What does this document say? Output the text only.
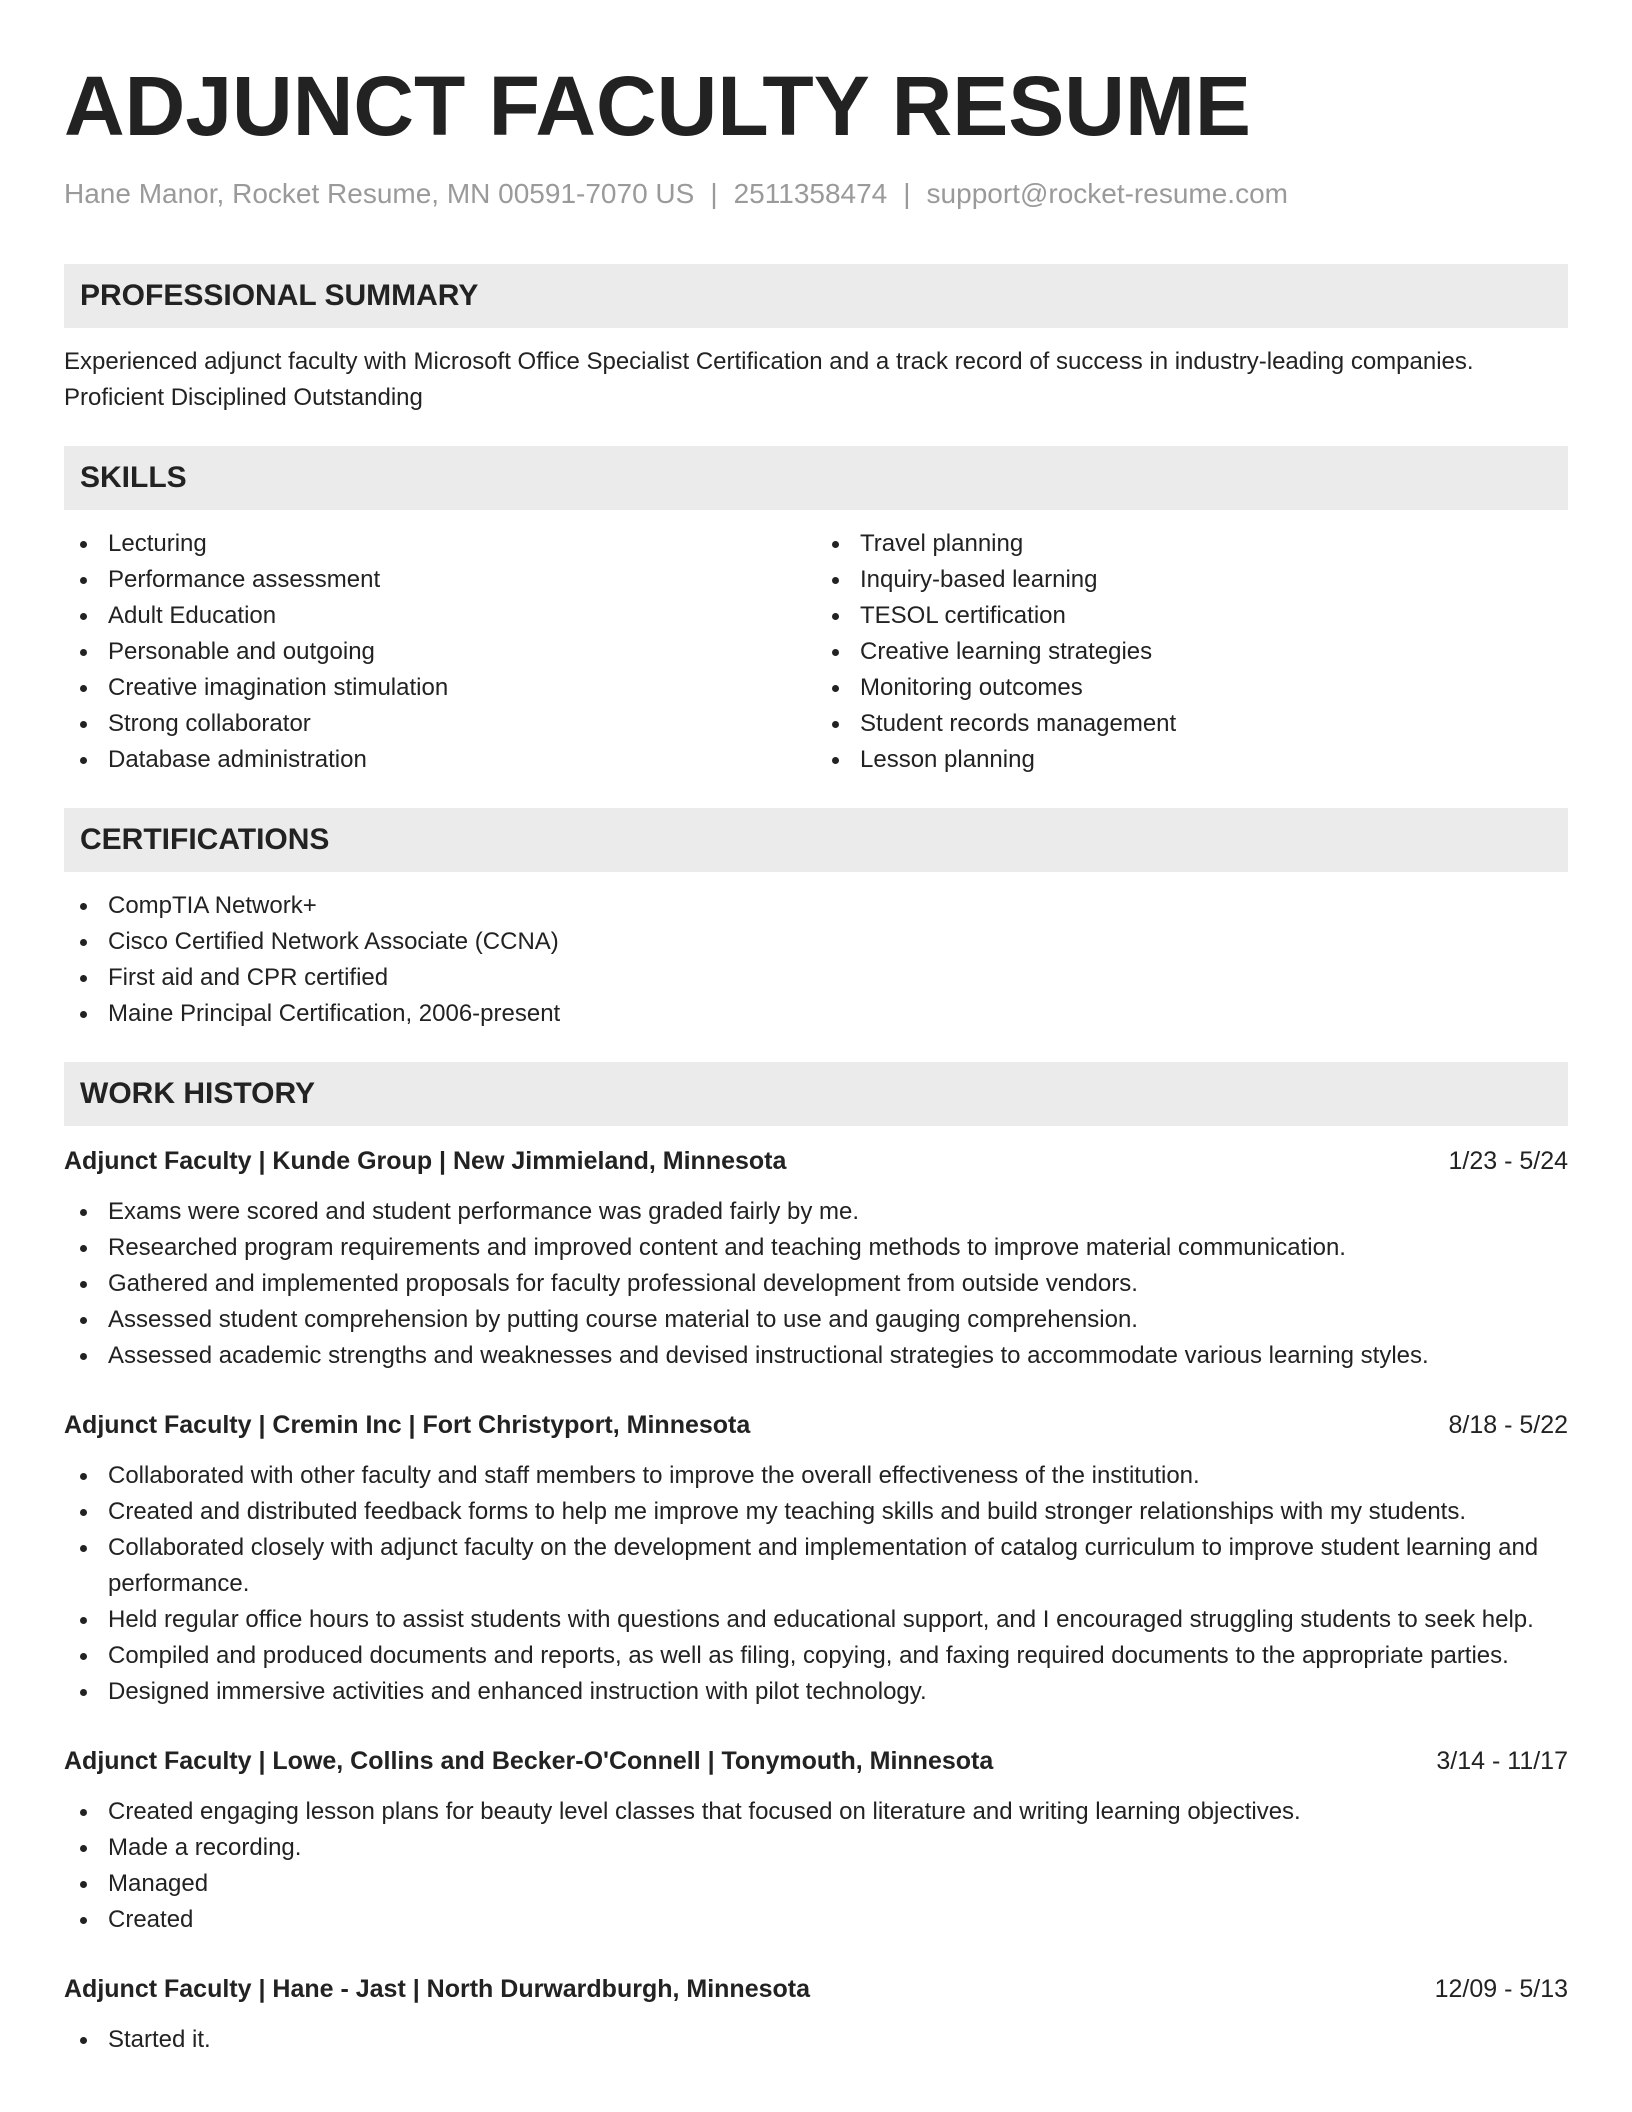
ADJUNCT FACULTY RESUME
Hane Manor, Rocket Resume, MN 00591-7070 US | 2511358474 | support@rocket-resume.com
PROFESSIONAL SUMMARY
Experienced adjunct faculty with Microsoft Office Specialist Certification and a track record of success in industry-leading companies. Proficient Disciplined Outstanding
SKILLS
Lecturing
Performance assessment
Adult Education
Personable and outgoing
Creative imagination stimulation
Strong collaborator
Database administration
Travel planning
Inquiry-based learning
TESOL certification
Creative learning strategies
Monitoring outcomes
Student records management
Lesson planning
CERTIFICATIONS
CompTIA Network+
Cisco Certified Network Associate (CCNA)
First aid and CPR certified
Maine Principal Certification, 2006-present
WORK HISTORY
Adjunct Faculty | Kunde Group | New Jimmieland, Minnesota	1/23 - 5/24
Exams were scored and student performance was graded fairly by me.
Researched program requirements and improved content and teaching methods to improve material communication.
Gathered and implemented proposals for faculty professional development from outside vendors.
Assessed student comprehension by putting course material to use and gauging comprehension.
Assessed academic strengths and weaknesses and devised instructional strategies to accommodate various learning styles.
Adjunct Faculty | Cremin Inc | Fort Christyport, Minnesota	8/18 - 5/22
Collaborated with other faculty and staff members to improve the overall effectiveness of the institution.
Created and distributed feedback forms to help me improve my teaching skills and build stronger relationships with my students.
Collaborated closely with adjunct faculty on the development and implementation of catalog curriculum to improve student learning and performance.
Held regular office hours to assist students with questions and educational support, and I encouraged struggling students to seek help.
Compiled and produced documents and reports, as well as filing, copying, and faxing required documents to the appropriate parties.
Designed immersive activities and enhanced instruction with pilot technology.
Adjunct Faculty | Lowe, Collins and Becker-O'Connell | Tonymouth, Minnesota	3/14 - 11/17
Created engaging lesson plans for beauty level classes that focused on literature and writing learning objectives.
Made a recording.
Managed
Created
Adjunct Faculty | Hane - Jast | North Durwardburgh, Minnesota	12/09 - 5/13
Started it.
